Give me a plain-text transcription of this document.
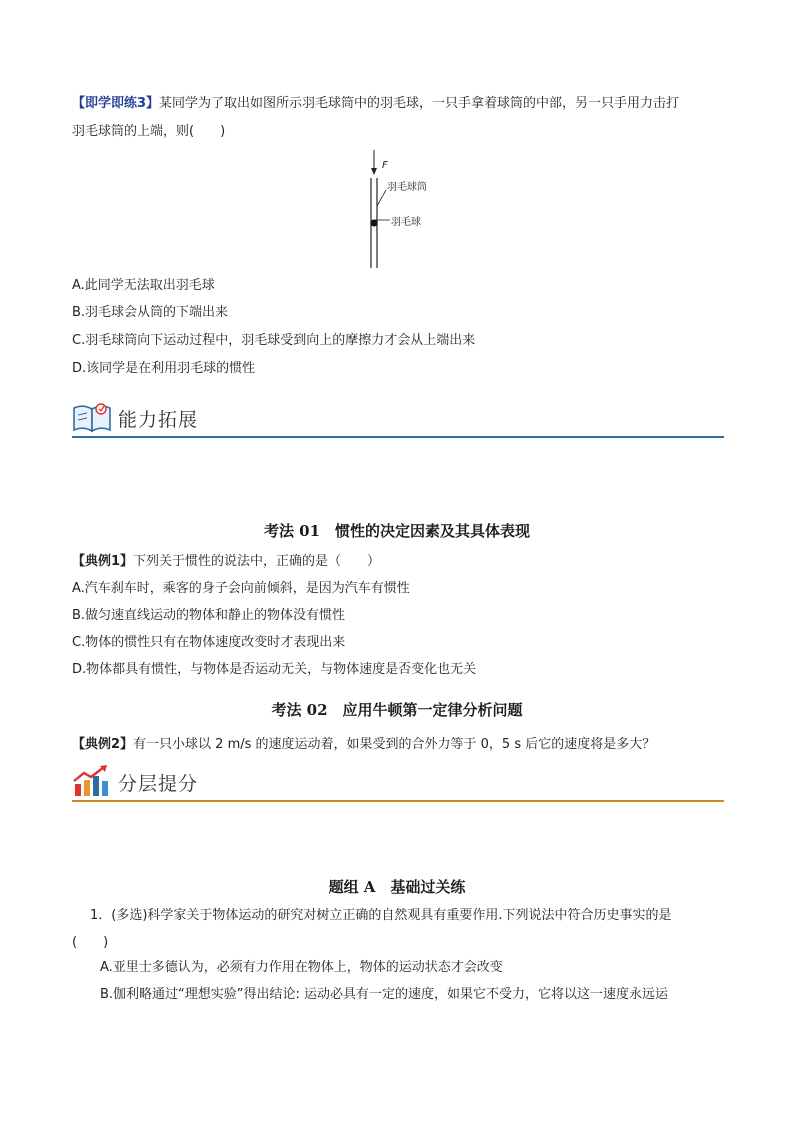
【即学即练3】某同学为了取出如图所示羽毛球筒中的羽毛球，一只手拿着球筒的中部，另一只手用力击打
羽毛球筒的上端，则(　　)
F
羽毛球筒
羽毛球
A.此同学无法取出羽毛球
B.羽毛球会从筒的下端出来
C.羽毛球筒向下运动过程中，羽毛球受到向上的摩擦力才会从上端出来
D.该同学是在利用羽毛球的惯性
能力拓展
考法 01　惯性的决定因素及其具体表现
【典例1】下列关于惯性的说法中，正确的是（　　）
A.汽车刹车时，乘客的身子会向前倾斜，是因为汽车有惯性
B.做匀速直线运动的物体和静止的物体没有惯性
C.物体的惯性只有在物体速度改变时才表现出来
D.物体都具有惯性，与物体是否运动无关，与物体速度是否变化也无关
考法 02　应用牛顿第一定律分析问题
【典例2】有一只小球以 2 m/s 的速度运动着，如果受到的合外力等于 0，5 s 后它的速度将是多大？
分层提分
题组 A　基础过关练
1．(多选)科学家关于物体运动的研究对树立正确的自然观具有重要作用.下列说法中符合历史事实的是
(　　)
A.亚里士多德认为，必须有力作用在物体上，物体的运动状态才会改变
B.伽利略通过“理想实验”得出结论: 运动必具有一定的速度，如果它不受力，它将以这一速度永远运
